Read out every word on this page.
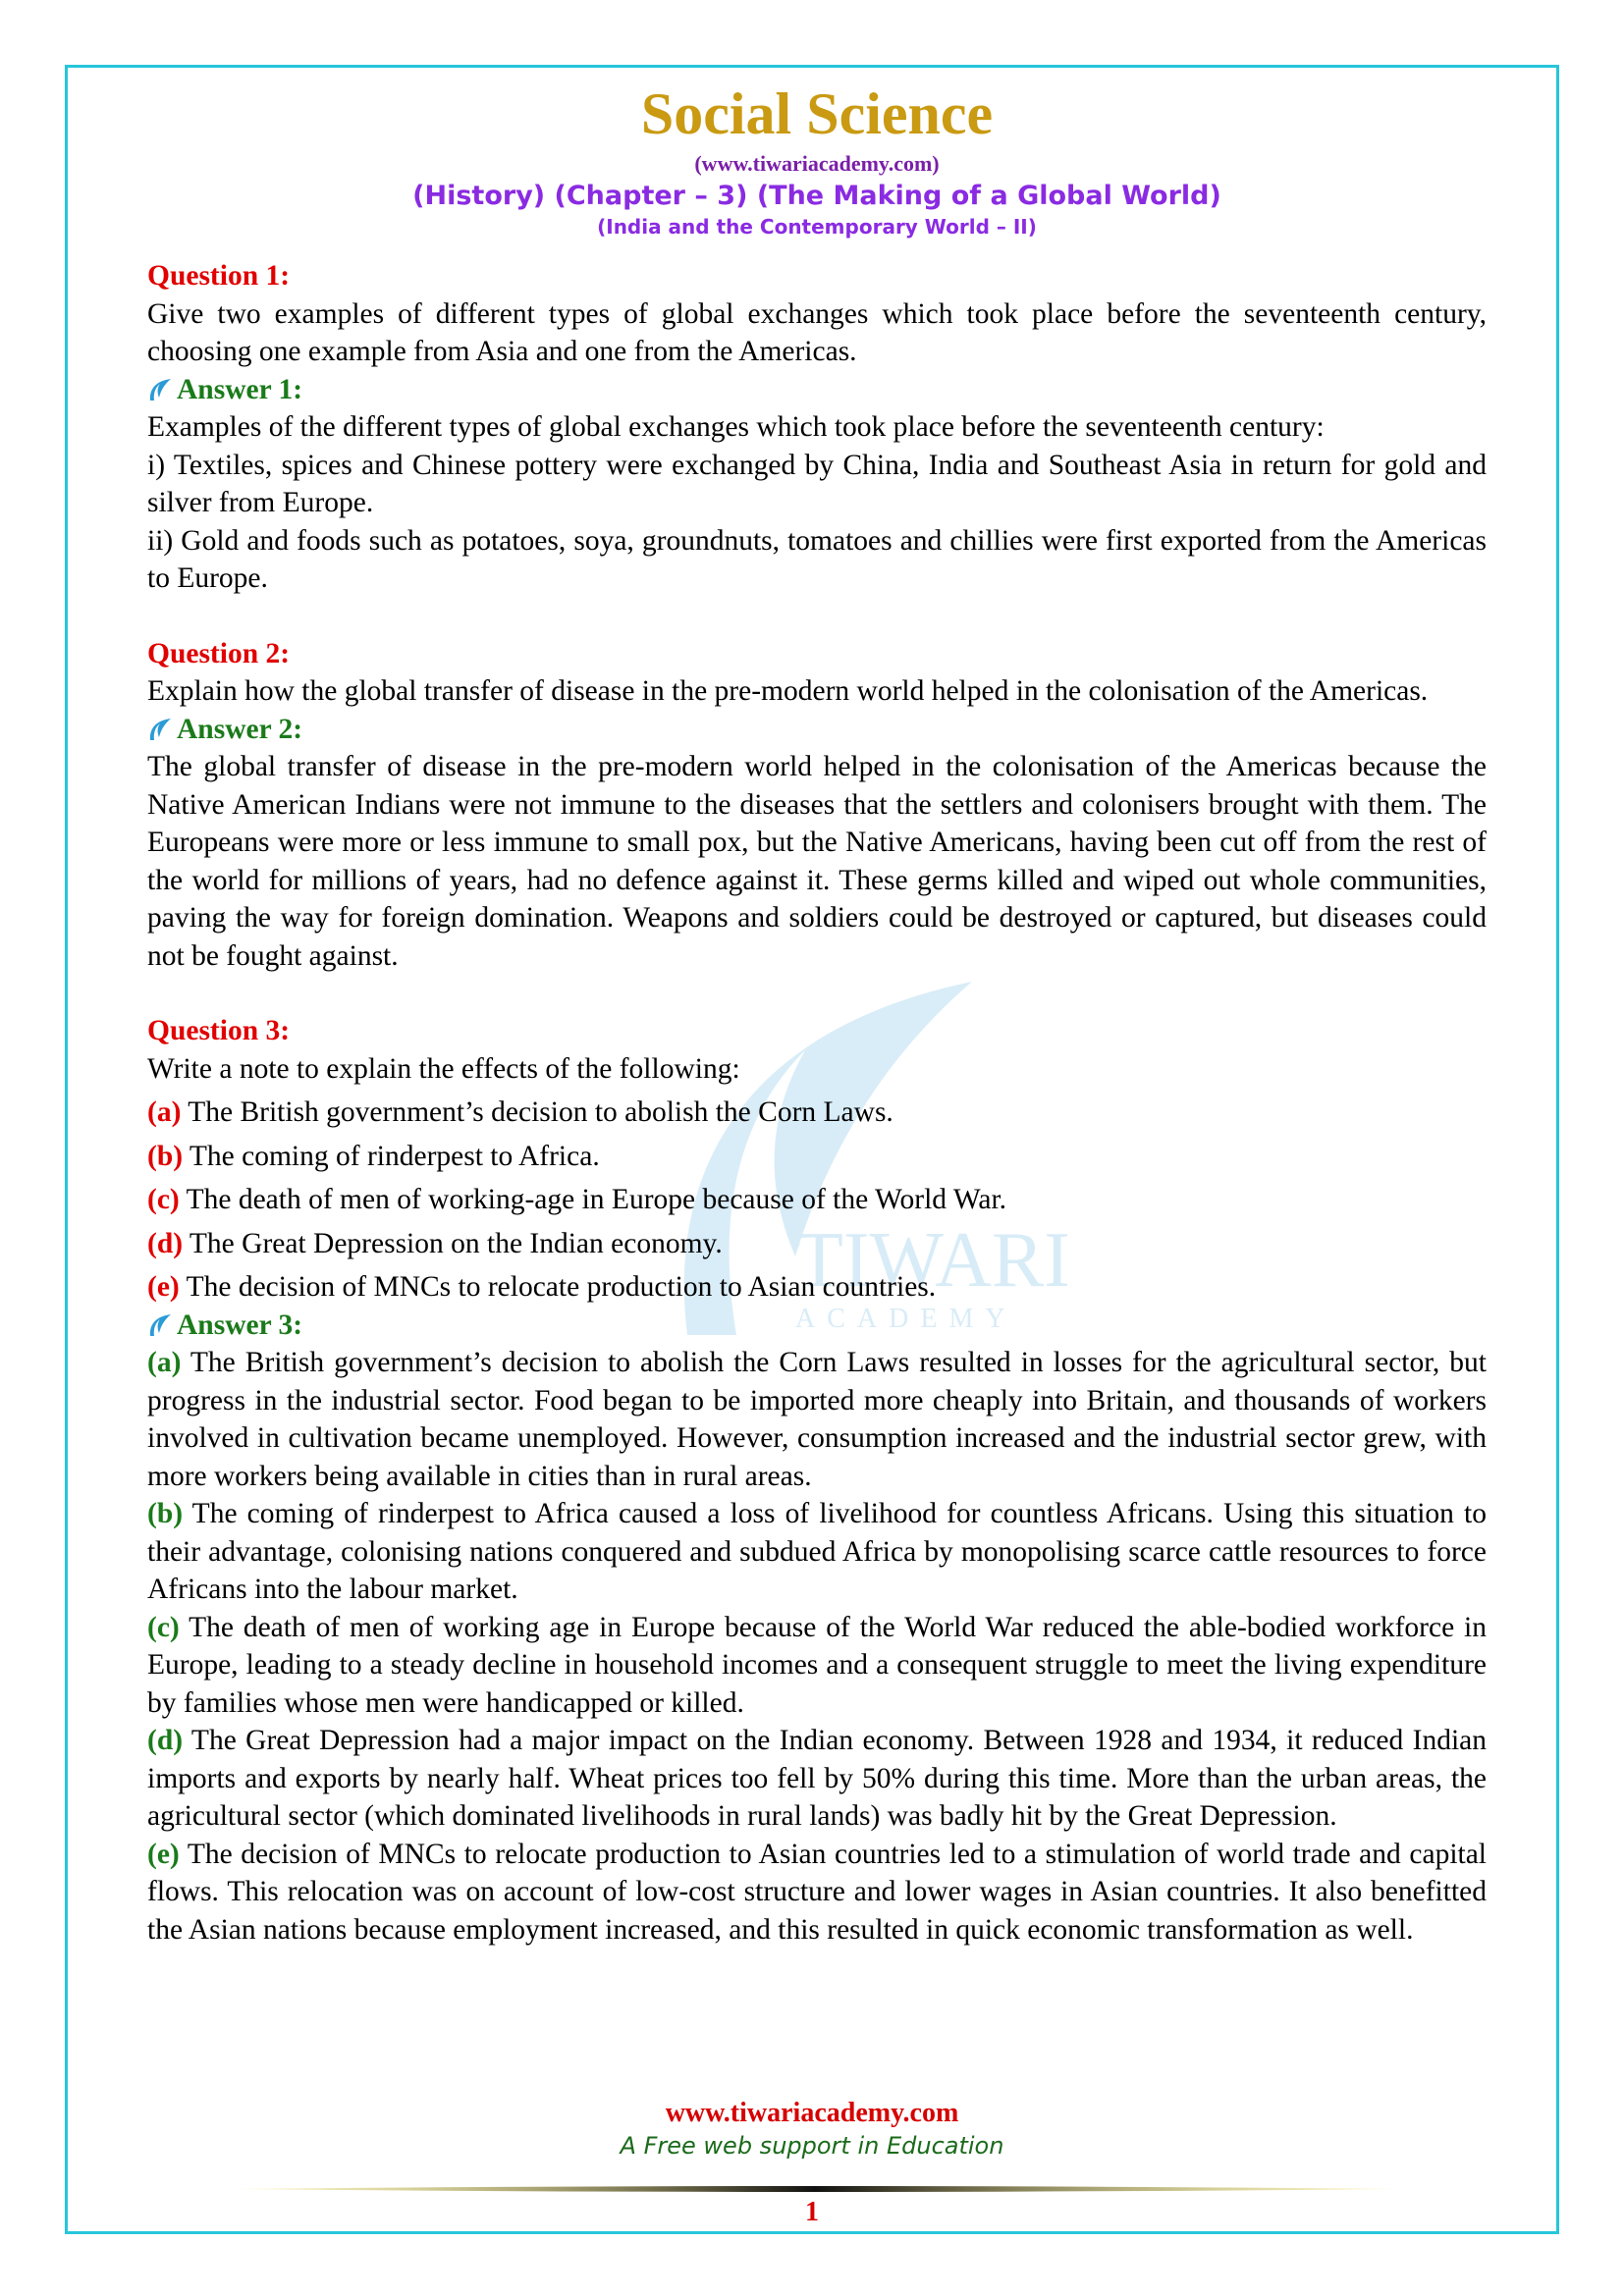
TIWARI
ACADEMY
Social Science
(www.tiwariacademy.com)
(History) (Chapter – 3) (The Making of a Global World)
(India and the Contemporary World – II)
Question 1:

Give two examples of different types of global exchanges which took place before the seventeenth century, choosing one example from Asia and one from the Americas.

Answer 1:

Examples of the different types of global exchanges which took place before the seventeenth century:

i) Textiles, spices and Chinese pottery were exchanged by China, India and Southeast Asia in return for gold and silver from Europe.

ii) Gold and foods such as potatoes, soya, groundnuts, tomatoes and chillies were first exported from the Americas to Europe.

Question 2:

Explain how the global transfer of disease in the pre-modern world helped in the colonisation of the Americas.

Answer 2:

The global transfer of disease in the pre-modern world helped in the colonisation of the Americas because the Native American Indians were not immune to the diseases that the settlers and colonisers brought with them. The Europeans were more or less immune to small pox, but the Native Americans, having been cut off from the rest of the world for millions of years, had no defence against it. These germs killed and wiped out whole communities, paving the way for foreign domination. Weapons and soldiers could be destroyed or captured, but diseases could not be fought against.

Question 3:

Write a note to explain the effects of the following:

(a) The British government’s decision to abolish the Corn Laws.
(b) The coming of rinderpest to Africa.
(c) The death of men of working-age in Europe because of the World War.
(d) The Great Depression on the Indian economy.
(e) The decision of MNCs to relocate production to Asian countries.
Answer 3:

(a) The British government’s decision to abolish the Corn Laws resulted in losses for the agricultural sector, but progress in the industrial sector. Food began to be imported more cheaply into Britain, and thousands of workers involved in cultivation became unemployed. However, consumption increased and the industrial sector grew, with more workers being available in cities than in rural areas.

(b) The coming of rinderpest to Africa caused a loss of livelihood for countless Africans. Using this situation to their advantage, colonising nations conquered and subdued Africa by monopolising scarce cattle resources to force Africans into the labour market.

(c) The death of men of working age in Europe because of the World War reduced the able-bodied workforce in Europe, leading to a steady decline in household incomes and a consequent struggle to meet the living expenditure by families whose men were handicapped or killed.

(d) The Great Depression had a major impact on the Indian economy. Between 1928 and 1934, it reduced Indian imports and exports by nearly half. Wheat prices too fell by 50% during this time. More than the urban areas, the agricultural sector (which dominated livelihoods in rural lands) was badly hit by the Great Depression.

(e) The decision of MNCs to relocate production to Asian countries led to a stimulation of world trade and capital flows. This relocation was on account of low-cost structure and lower wages in Asian countries. It also benefitted the Asian nations because employment increased, and this resulted in quick economic transformation as well.

www.tiwariacademy.com
A Free web support in Education
1
